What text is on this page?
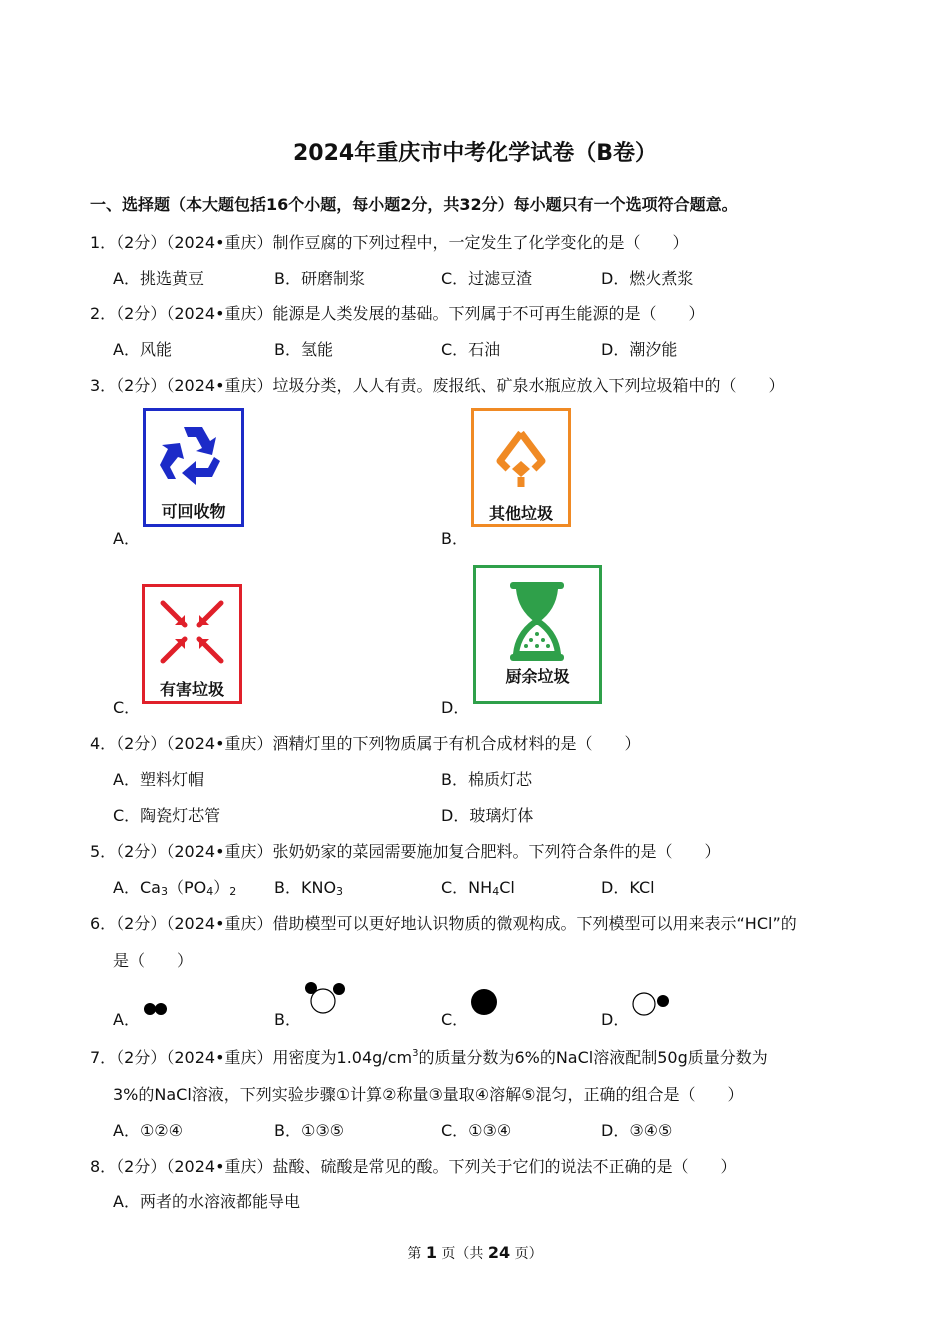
2024年重庆市中考化学试卷（B卷）
一、选择题（本大题包括16个小题，每小题2分，共32分）每小题只有一个选项符合题意。
1．（2分）（2024•重庆）制作豆腐的下列过程中，一定发生了化学变化的是（　　）
A．挑选黄豆	B．研磨制浆	C．过滤豆渣	D．燃火煮浆
2．（2分）（2024•重庆）能源是人类发展的基础。下列属于不可再生能源的是（　　）
A．风能	B．氢能	C．石油	D．潮汐能
3．（2分）（2024•重庆）垃圾分类，人人有责。废报纸、矿泉水瓶应放入下列垃圾箱中的（　　）
可回收物
A．
其他垃圾
B．
有害垃圾
C．
厨余垃圾
D．
4．（2分）（2024•重庆）酒精灯里的下列物质属于有机合成材料的是（　　）
A．塑料灯帽	B．棉质灯芯
C．陶瓷灯芯管	D．玻璃灯体
5．（2分）（2024•重庆）张奶奶家的菜园需要施加复合肥料。下列符合条件的是（　　）
A．$Ca_3(PO_4)_2$ B．$KNO_3$	C．$NH_4Cl$	D．KCl
6．（2分）（2024•重庆）借助模型可以更好地认识物质的微观构成。下列模型可以用来表示“HCl”的
是（　　）
A．	B．	C．	D．
7．（2分）（2024•重庆）用密度为$1.04g/cm^3$的质量分数为6%的NaCl溶液配制50g质量分数为
3%的NaCl溶液，下列实验步骤①计算②称量③量取④溶解⑤混匀，正确的组合是（　　）
A．①②④	B．①③⑤	C．①③④	D．③④⑤
8．（2分）（2024•重庆）盐酸、硫酸是常见的酸。下列关于它们的说法不正确的是（　　）
A．两者的水溶液都能导电
第 1 页（共 24 页）
